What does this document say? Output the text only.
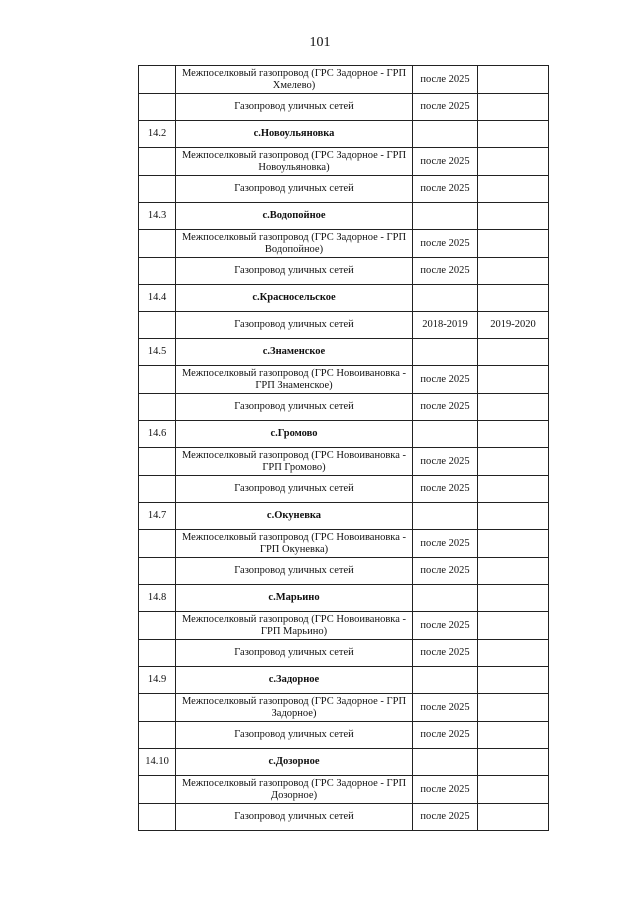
101
	Межпоселковый газопровод (ГРС Задорное - ГРП Хмелево)	после 2025	
	Газопровод уличных сетей	после 2025	
14.2	с.Новоульяновка		
	Межпоселковый газопровод (ГРС Задорное - ГРП Новоульяновка)	после 2025	
	Газопровод уличных сетей	после 2025	
14.3	с.Водопойное		
	Межпоселковый газопровод (ГРС Задорное - ГРП Водопойное)	после 2025	
	Газопровод уличных сетей	после 2025	
14.4	с.Красносельское		
	Газопровод уличных сетей	2018-2019	2019-2020
14.5	с.Знаменское		
	Межпоселковый газопровод (ГРС Новоивановка - ГРП Знаменское)	после 2025	
	Газопровод уличных сетей	после 2025	
14.6	с.Громово		
	Межпоселковый газопровод (ГРС Новоивановка - ГРП Громово)	после 2025	
	Газопровод уличных сетей	после 2025	
14.7	с.Окуневка		
	Межпоселковый газопровод (ГРС Новоивановка - ГРП Окуневка)	после 2025	
	Газопровод уличных сетей	после 2025	
14.8	с.Марьино		
	Межпоселковый газопровод (ГРС Новоивановка - ГРП Марьино)	после 2025	
	Газопровод уличных сетей	после 2025	
14.9	с.Задорное		
	Межпоселковый газопровод (ГРС Задорное - ГРП Задорное)	после 2025	
	Газопровод уличных сетей	после 2025	
14.10	с.Дозорное		
	Межпоселковый газопровод (ГРС Задорное - ГРП Дозорное)	после 2025	
	Газопровод уличных сетей	после 2025	
